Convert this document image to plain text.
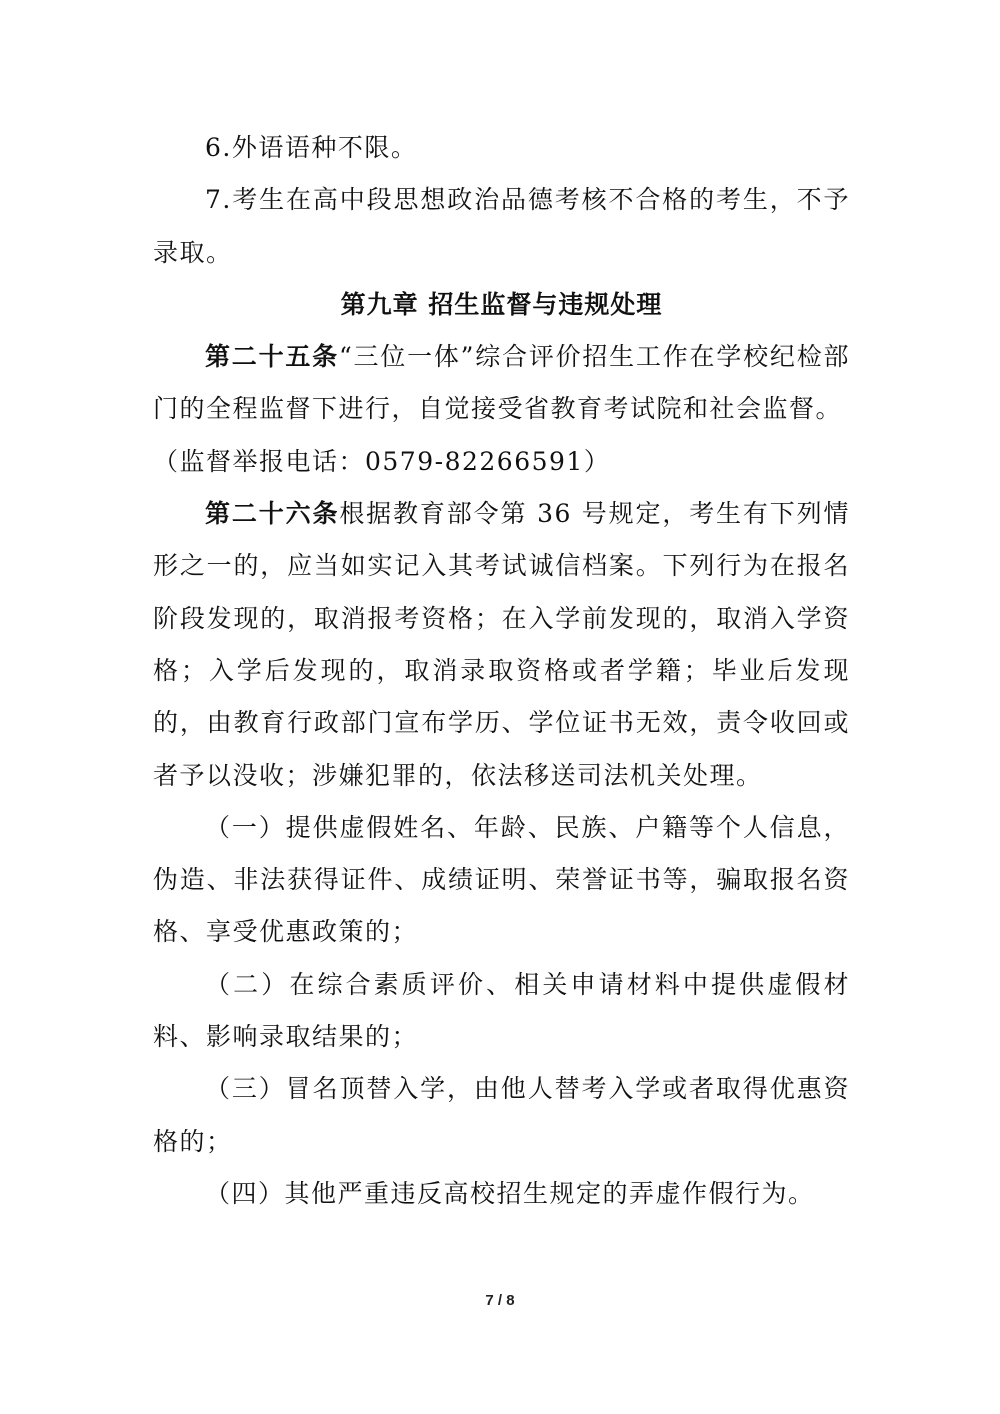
6.外语语种不限。

7.考生在高中段思想政治品德考核不合格的考生，不予录取。

第九章 招生监督与违规处理

第二十五条“三位一体”综合评价招生工作在学校纪检部门的全程监督下进行，自觉接受省教育考试院和社会监督。

（监督举报电话：0579-82266591）

第二十六条根据教育部令第 36 号规定，考生有下列情形之一的，应当如实记入其考试诚信档案。下列行为在报名阶段发现的，取消报考资格；在入学前发现的，取消入学资格；入学后发现的，取消录取资格或者学籍；毕业后发现的，由教育行政部门宣布学历、学位证书无效，责令收回或者予以没收；涉嫌犯罪的，依法移送司法机关处理。

（一）提供虚假姓名、年龄、民族、户籍等个人信息，伪造、非法获得证件、成绩证明、荣誉证书等，骗取报名资格、享受优惠政策的；

（二）在综合素质评价、相关申请材料中提供虚假材料、影响录取结果的；

（三）冒名顶替入学，由他人替考入学或者取得优惠资格的；

（四）其他严重违反高校招生规定的弄虚作假行为。

7 / 8
